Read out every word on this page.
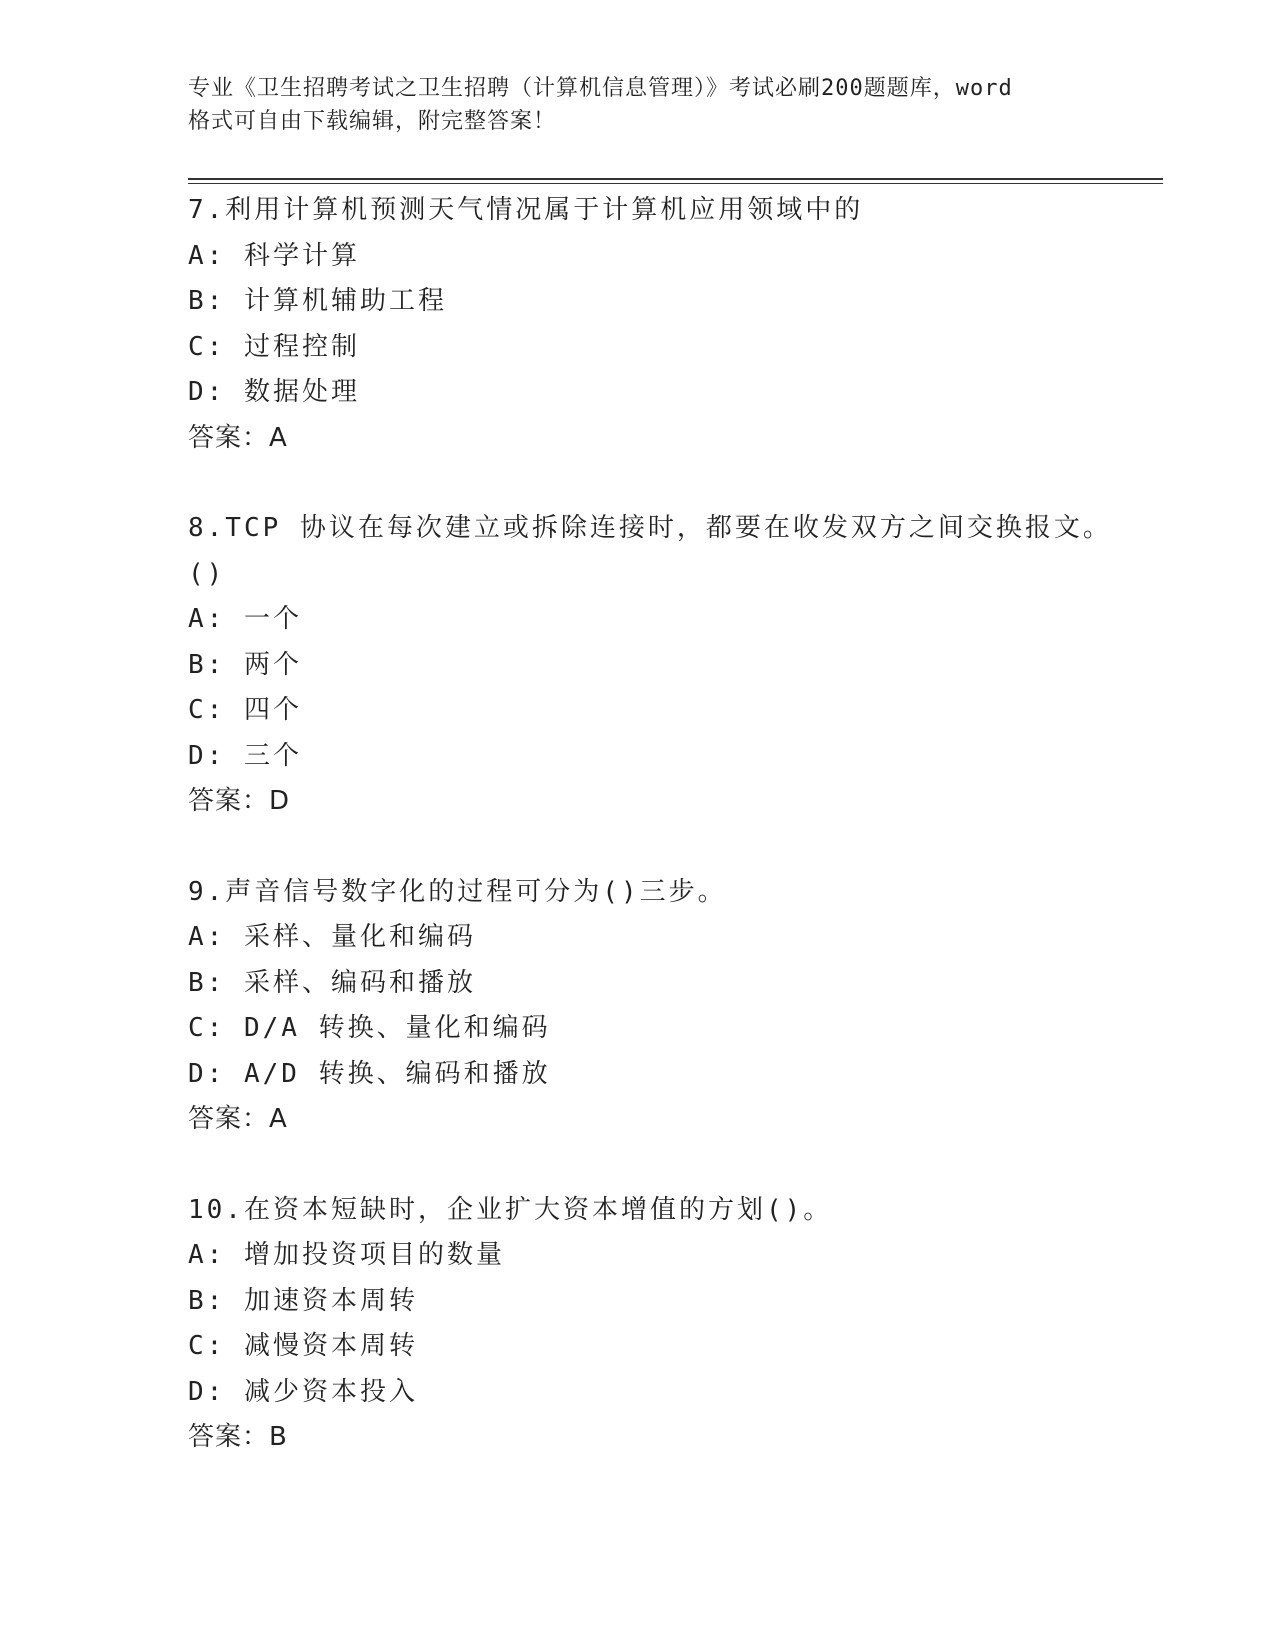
专业《卫生招聘考试之卫生招聘（计算机信息管理）》考试必刷200题题库，word
格式可自由下载编辑，附完整答案！
7.利用计算机预测天气情况属于计算机应用领域中的
A: 科学计算
B: 计算机辅助工程
C: 过程控制
D: 数据处理
答案：A
8.TCP 协议在每次建立或拆除连接时，都要在收发双方之间交换报文。
()
A: 一个
B: 两个
C: 四个
D: 三个
答案：D
9.声音信号数字化的过程可分为()三步。
A: 采样、量化和编码
B: 采样、编码和播放
C: D/A 转换、量化和编码
D: A/D 转换、编码和播放
答案：A
10.在资本短缺时，企业扩大资本增值的方划()。
A: 增加投资项目的数量
B: 加速资本周转
C: 减慢资本周转
D: 减少资本投入
答案：B
